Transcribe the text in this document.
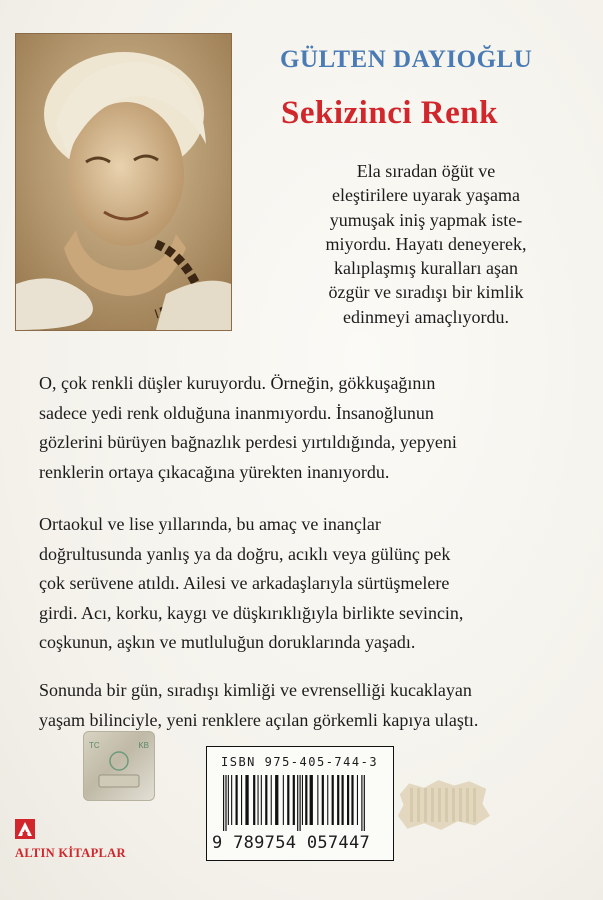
GÜLTEN DAYIOĞLU
Sekizinci Renk
Ela sıradan öğüt ve
eleştirilere uyarak yaşama
yumuşak iniş yapmak iste-
miyordu. Hayatı deneyerek,
kalıplaşmış kuralları aşan
özgür ve sıradışı bir kimlik
edinmeyi amaçlıyordu.
O, çok renkli düşler kuruyordu. Örneğin, gökkuşağının
sadece yedi renk olduğuna inanmıyordu. İnsanoğlunun
gözlerini bürüyen bağnazlık perdesi yırtıldığında, yepyeni
renklerin ortaya çıkacağına yürekten inanıyordu.
Ortaokul ve lise yıllarında, bu amaç ve inançlar
doğrultusunda yanlış ya da doğru, acıklı veya gülünç pek
çok serüvene atıldı. Ailesi ve arkadaşlarıyla sürtüşmelere
girdi. Acı, korku, kaygı ve düşkırıklığıyla birlikte sevincin,
coşkunun, aşkın ve mutluluğun doruklarında yaşadı.
Sonunda bir gün, sıradışı kimliği ve evrenselliği kucaklayan
yaşam bilinciyle, yeni renklere açılan görkemli kapıya ulaştı.
TC	KB
ISBN 975-405-744-3
9 789754 057447
ALTIN KİTAPLAR
